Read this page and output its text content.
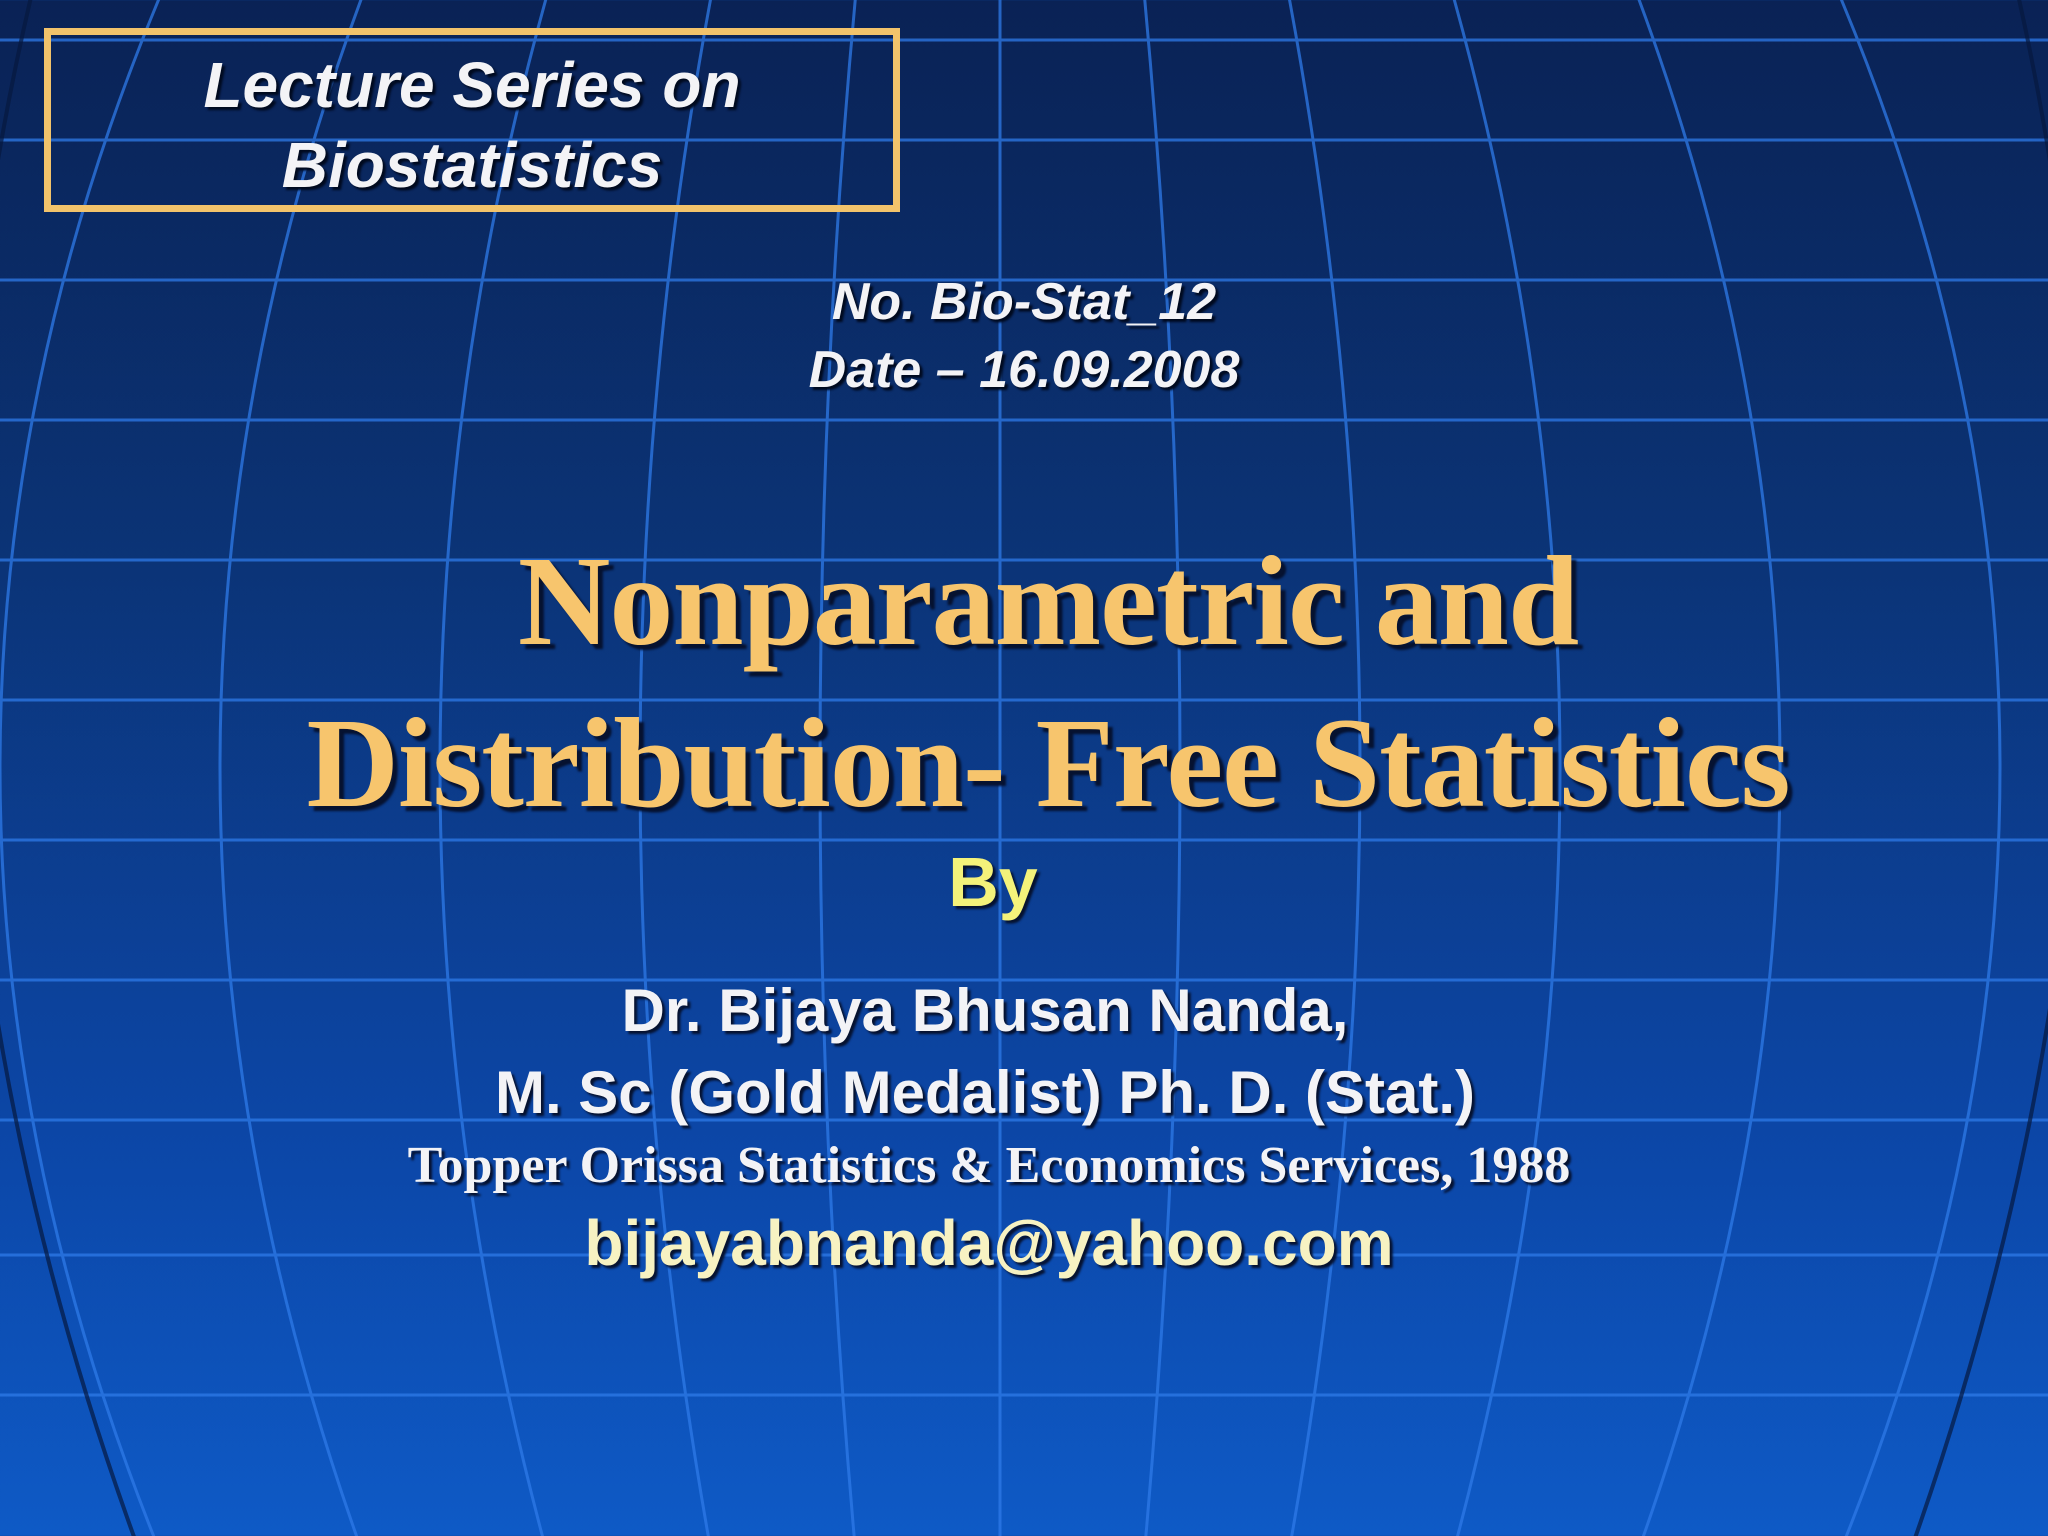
Lecture Series on
Biostatistics
No. Bio-Stat_12
Date – 16.09.2008
Nonparametric and
Distribution- Free Statistics
By
Dr. Bijaya Bhusan Nanda,
M. Sc (Gold Medalist) Ph. D. (Stat.)
Topper Orissa Statistics & Economics Services, 1988
bijayabnanda@yahoo.com
